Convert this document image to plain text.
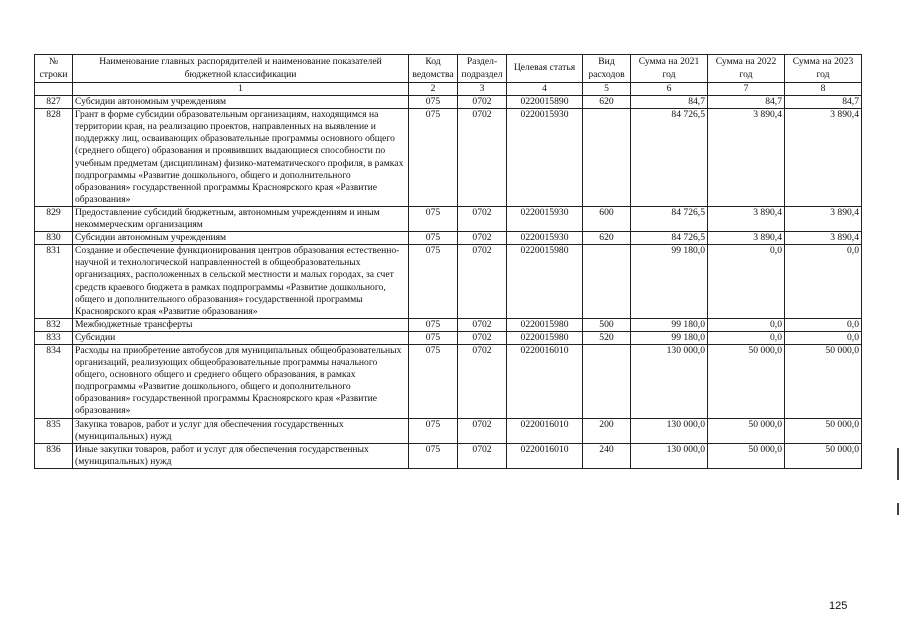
№ строки	Наименование главных распорядителей и наименование показателей бюджетной классификации	Код ведомства	Раздел-подраздел	Целевая статья	Вид расходов	Сумма на 2021 год	Сумма на 2022 год	Сумма на 2023 год
	1	2	3	4	5	6	7	8
827	Субсидии автономным учреждениям	075	0702	0220015890	620	84,7	84,7	84,7
828	Грант в форме субсидии образовательным организациям, находящимся на территории края, на реализацию проектов, направленных на выявление и поддержку лиц, осваивающих образовательные программы основного общего (среднего общего) образования и проявивших выдающиеся способности по учебным предметам (дисциплинам) физико-математического профиля, в рамках подпрограммы «Развитие дошкольного, общего и дополнительного образования» государственной программы Красноярского края «Развитие образования»	075	0702	0220015930		84 726,5	3 890,4	3 890,4
829	Предоставление субсидий бюджетным, автономным учреждениям и иным некоммерческим организациям	075	0702	0220015930	600	84 726,5	3 890,4	3 890,4
830	Субсидии автономным учреждениям	075	0702	0220015930	620	84 726,5	3 890,4	3 890,4
831	Создание и обеспечение функционирования центров образования естественно-научной и технологической направленностей в общеобразовательных организациях, расположенных в сельской местности и малых городах, за счет средств краевого бюджета в рамках подпрограммы «Развитие дошкольного, общего и дополнительного образования» государственной программы Красноярского края «Развитие образования»	075	0702	0220015980		99 180,0	0,0	0,0
832	Межбюджетные трансферты	075	0702	0220015980	500	99 180,0	0,0	0,0
833	Субсидии	075	0702	0220015980	520	99 180,0	0,0	0,0
834	Расходы на приобретение автобусов для муниципальных общеобразовательных организаций, реализующих общеобразовательные программы начального общего, основного общего и среднего общего образования, в рамках подпрограммы «Развитие дошкольного, общего и дополнительного образования» государственной программы Красноярского края «Развитие образования»	075	0702	0220016010		130 000,0	50 000,0	50 000,0
835	Закупка товаров, работ и услуг для обеспечения государственных (муниципальных) нужд	075	0702	0220016010	200	130 000,0	50 000,0	50 000,0
836	Иные закупки товаров, работ и услуг для обеспечения государственных (муниципальных) нужд	075	0702	0220016010	240	130 000,0	50 000,0	50 000,0
125
